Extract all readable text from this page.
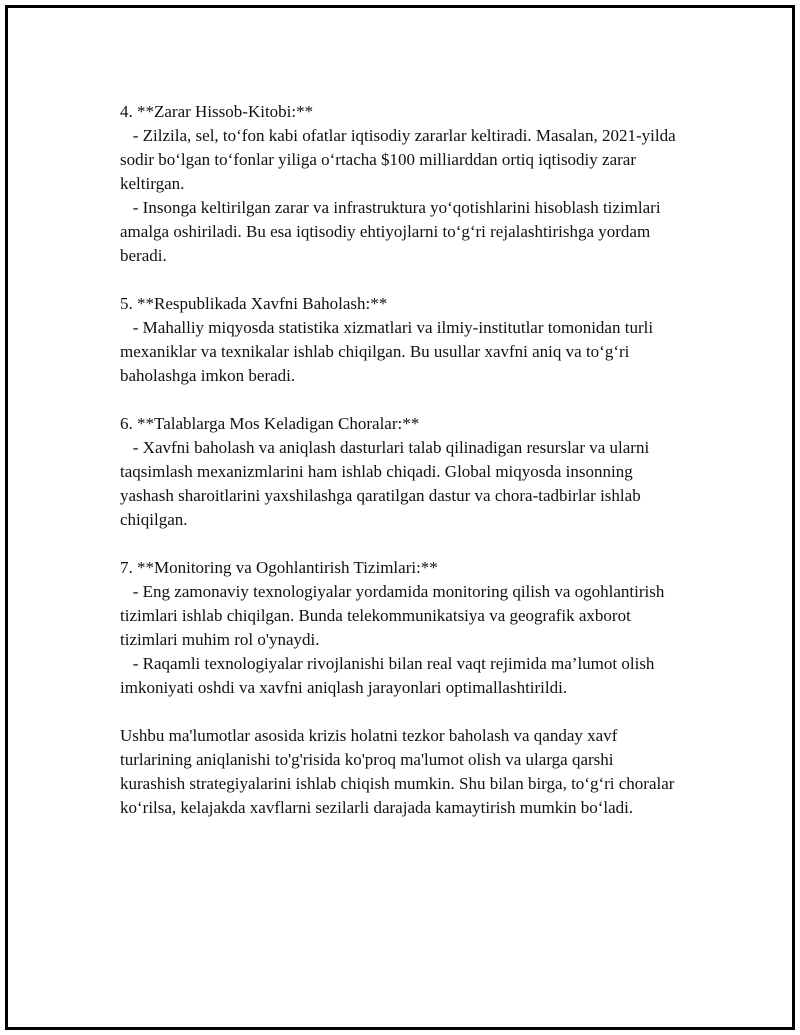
4. **Zarar Hissob-Kitobi:**
- Zilzila, sel, to‘fon kabi ofatlar iqtisodiy zararlar keltiradi. Masalan, 2021-yilda sodir bo‘lgan to‘fonlar yiliga o‘rtacha $100 milliarddan ortiq iqtisodiy zarar keltirgan.
- Insonga keltirilgan zarar va infrastruktura yo‘qotishlarini hisoblash tizimlari amalga oshiriladi. Bu esa iqtisodiy ehtiyojlarni to‘g‘ri rejalashtirishga yordam beradi.
5. **Respublikada Xavfni Baholash:**
- Mahalliy miqyosda statistika xizmatlari va ilmiy-institutlar tomonidan turli mexaniklar va texnikalar ishlab chiqilgan. Bu usullar xavfni aniq va to‘g‘ri baholashga imkon beradi.
6. **Talablarga Mos Keladigan Choralar:**
- Xavfni baholash va aniqlash dasturlari talab qilinadigan resurslar va ularni taqsimlash mexanizmlarini ham ishlab chiqadi. Global miqyosda insonning yashash sharoitlarini yaxshilashga qaratilgan dastur va chora-tadbirlar ishlab chiqilgan.
7. **Monitoring va Ogohlantirish Tizimlari:**
- Eng zamonaviy texnologiyalar yordamida monitoring qilish va ogohlantirish tizimlari ishlab chiqilgan. Bunda telekommunikatsiya va geografik axborot tizimlari muhim rol o'ynaydi.
- Raqamli texnologiyalar rivojlanishi bilan real vaqt rejimida ma’lumot olish imkoniyati oshdi va xavfni aniqlash jarayonlari optimallashtirildi.
Ushbu ma'lumotlar asosida krizis holatni tezkor baholash va qanday xavf turlarining aniqlanishi to'g'risida ko'proq ma'lumot olish va ularga qarshi kurashish strategiyalarini ishlab chiqish mumkin. Shu bilan birga, to‘g‘ri choralar ko‘rilsa, kelajakda xavflarni sezilarli darajada kamaytirish mumkin bo‘ladi.
